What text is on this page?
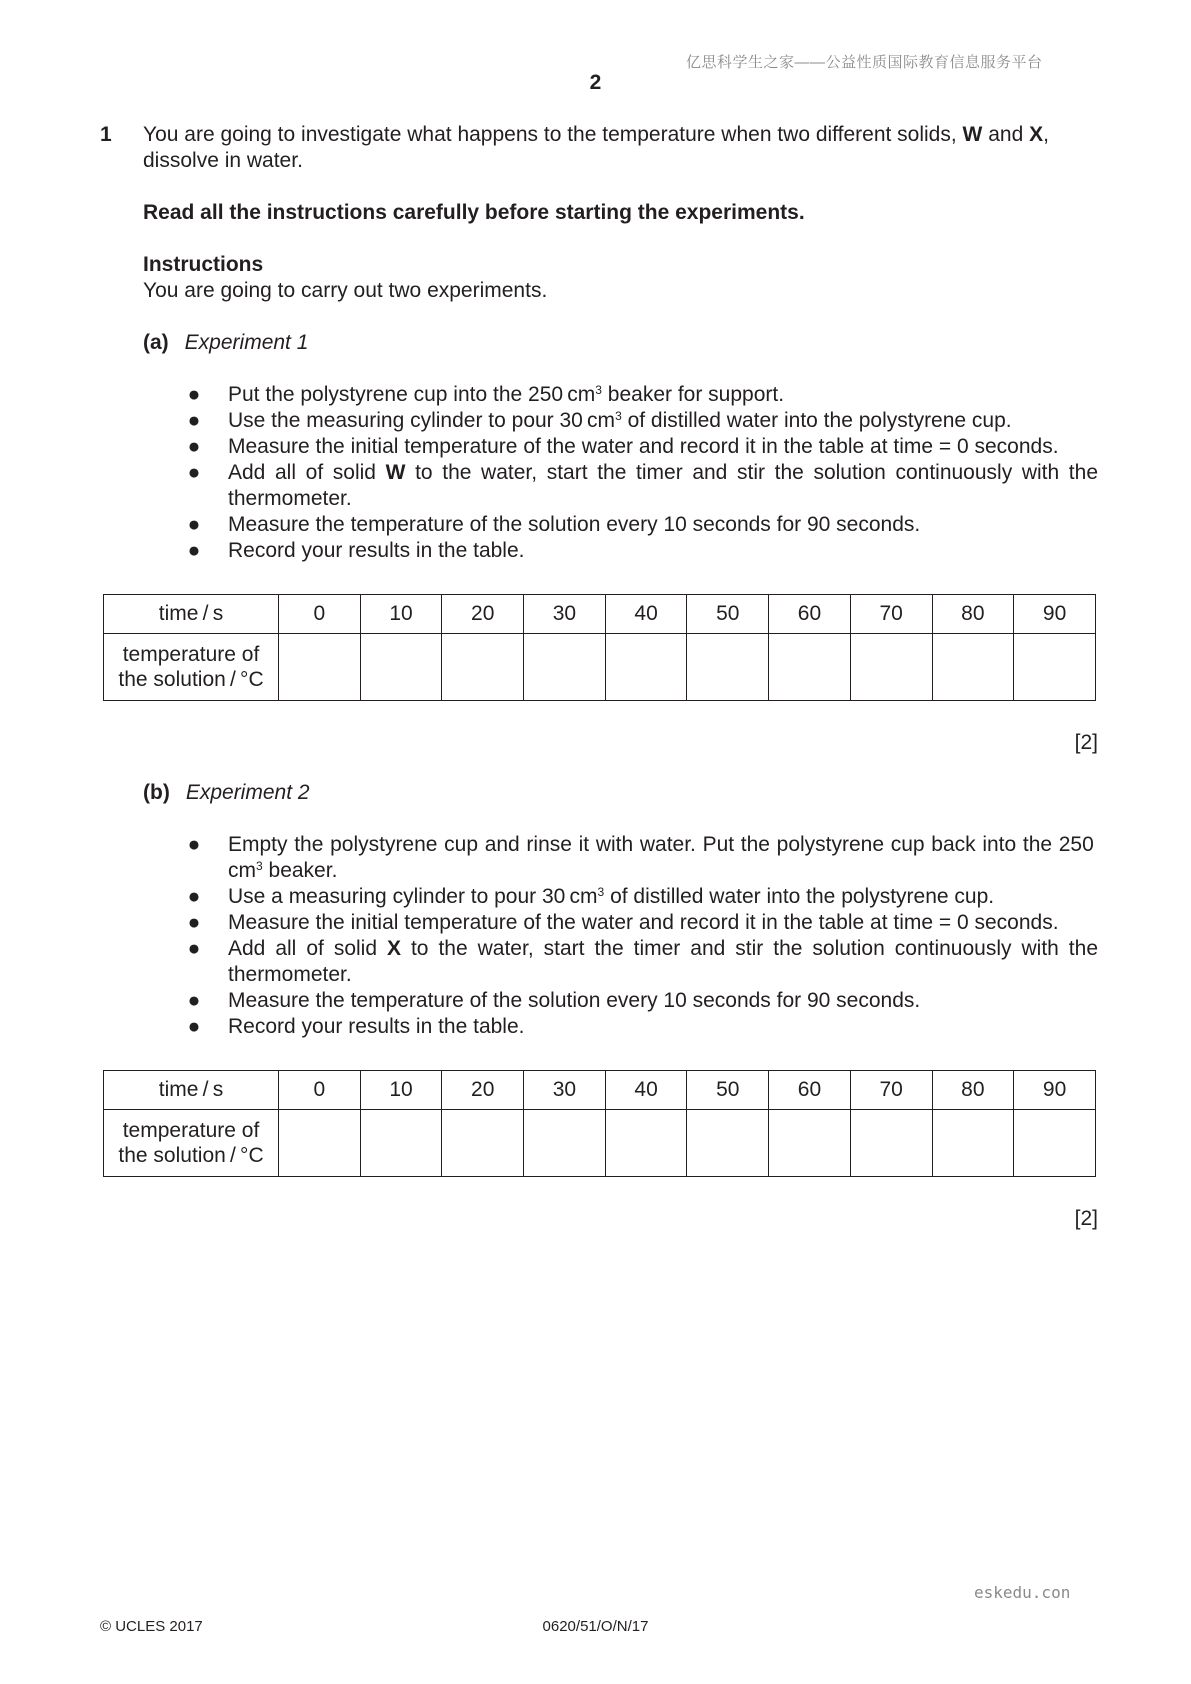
亿思科学生之家——公益性质国际教育信息服务平台
2
1 You are going to investigate what happens to the temperature when two different solids, W and X, dissolve in water.
Read all the instructions carefully before starting the experiments.
Instructions
You are going to carry out two experiments.
(a) Experiment 1
● Put the polystyrene cup into the 250 $cm^3$ beaker for support.
● Use the measuring cylinder to pour 30 $cm^3$ of distilled water into the polystyrene cup.
● Measure the initial temperature of the water and record it in the table at time = 0 seconds.
● Add all of solid W to the water, start the timer and stir the solution continuously with the thermometer.
● Measure the temperature of the solution every 10 seconds for 90 seconds.
● Record your results in the table.
time / s	0	10	20	30	40	50	60	70	80	90
temperature of
the solution / °C										
[2]
(b) Experiment 2
● Empty the polystyrene cup and rinse it with water. Put the polystyrene cup back into the 250 $cm^3$ beaker.
● Use a measuring cylinder to pour 30 $cm^3$ of distilled water into the polystyrene cup.
● Measure the initial temperature of the water and record it in the table at time = 0 seconds.
● Add all of solid X to the water, start the timer and stir the solution continuously with the thermometer.
● Measure the temperature of the solution every 10 seconds for 90 seconds.
● Record your results in the table.
time / s	0	10	20	30	40	50	60	70	80	90
temperature of
the solution / °C										
[2]
eskedu.con
© UCLES 2017	0620/51/O/N/17
